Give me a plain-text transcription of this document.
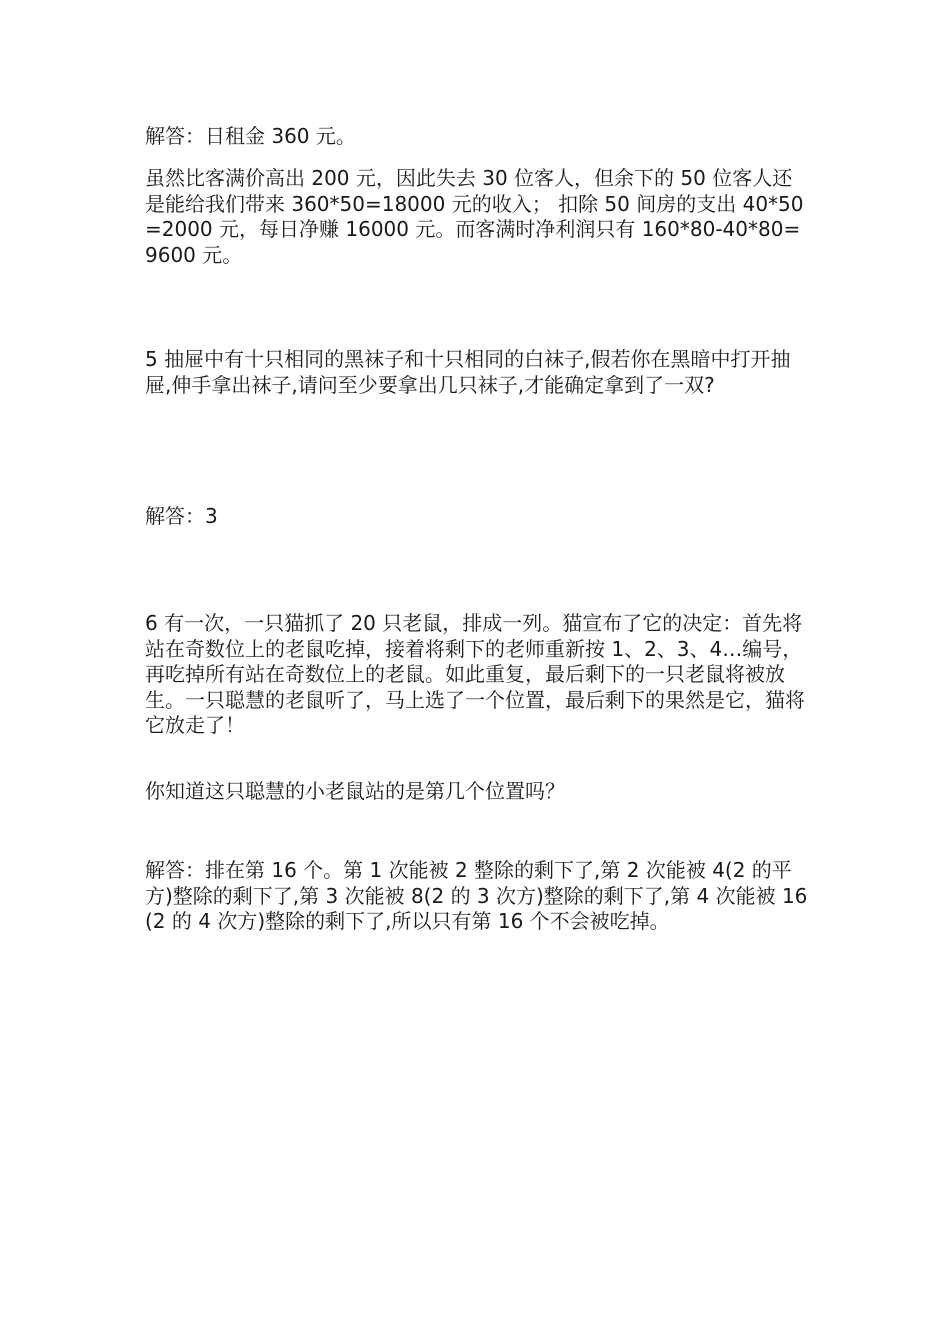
解答：日租金 360 元。

虽然比客满价高出 200 元，因此失去 30 位客人，但余下的 50 位客人还是能给我们带来 360*50=18000 元的收入； 扣除 50 间房的支出 40*50=2000 元，每日净赚 16000 元。而客满时净利润只有 160*80-40*80=9600 元。

5 抽屉中有十只相同的黑袜子和十只相同的白袜子,假若你在黑暗中打开抽屉,伸手拿出袜子,请问至少要拿出几只袜子,才能确定拿到了一双?

解答：3

6 有一次，一只猫抓了 20 只老鼠，排成一列。猫宣布了它的决定：首先将站在奇数位上的老鼠吃掉，接着将剩下的老师重新按 1、2、3、4…编号，再吃掉所有站在奇数位上的老鼠。如此重复，最后剩下的一只老鼠将被放生。一只聪慧的老鼠听了，马上选了一个位置，最后剩下的果然是它，猫将它放走了！

你知道这只聪慧的小老鼠站的是第几个位置吗？

解答：排在第 16 个。第 1 次能被 2 整除的剩下了,第 2 次能被 4(2 的平方)整除的剩下了,第 3 次能被 8(2 的 3 次方)整除的剩下了,第 4 次能被 16(2 的 4 次方)整除的剩下了,所以只有第 16 个不会被吃掉。
